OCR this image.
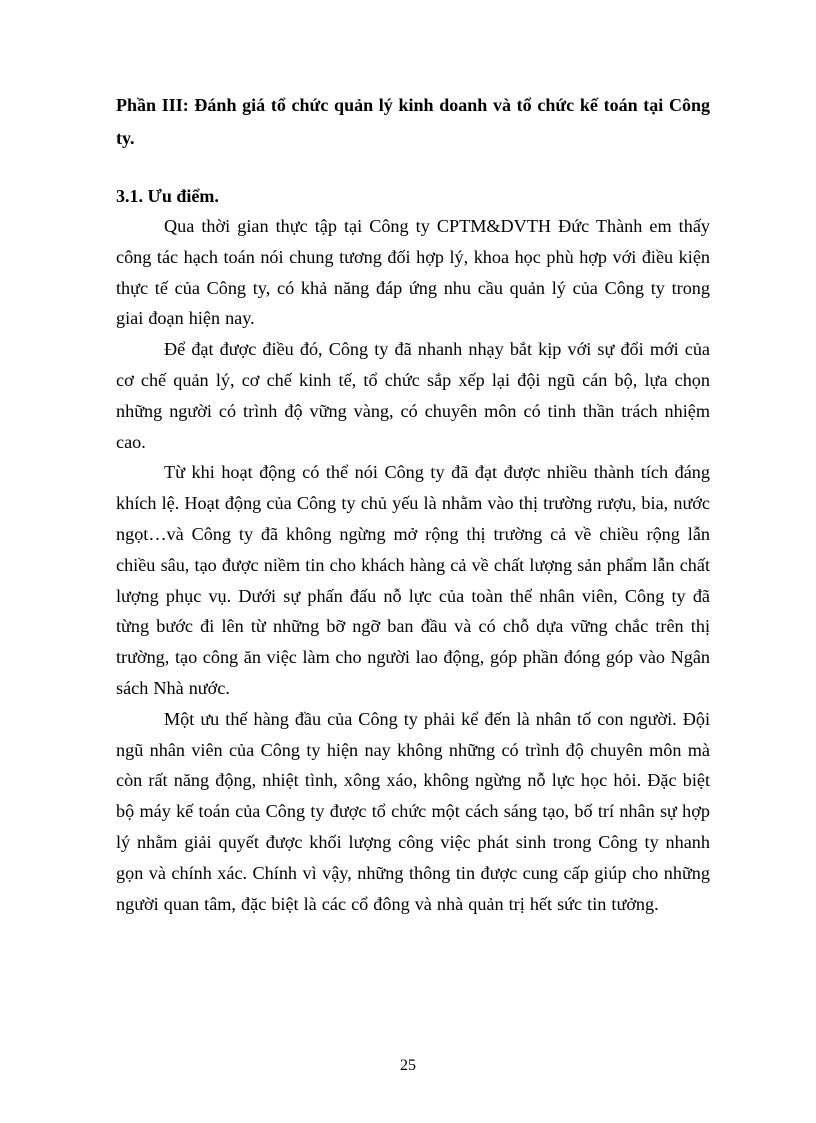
Phần III: Đánh giá tổ chức quản lý kinh doanh và tổ chức kế toán tại Công ty.

3.1. Ưu điểm.

Qua thời gian thực tập tại Công ty CPTM&DVTH Đức Thành em thấy công tác hạch toán nói chung tương đối hợp lý, khoa học phù hợp với điều kiện thực tế của Công ty, có khả năng đáp ứng nhu cầu quản lý của Công ty trong giai đoạn hiện nay.

Để đạt được điều đó, Công ty đã nhanh nhạy bắt kịp với sự đổi mới của cơ chế quản lý, cơ chế kinh tế, tổ chức sắp xếp lại đội ngũ cán bộ, lựa chọn những người có trình độ vững vàng, có chuyên môn có tinh thần trách nhiệm cao.

Từ khi hoạt động có thể nói Công ty đã đạt được nhiều thành tích đáng khích lệ. Hoạt động của Công ty chủ yếu là nhằm vào thị trường rượu, bia, nước ngọt…và Công ty đã không ngừng mở rộng thị trường cả về chiều rộng lẫn chiều sâu, tạo được niềm tin cho khách hàng cả về chất lượng sản phẩm lẫn chất lượng phục vụ. Dưới sự phấn đấu nỗ lực của toàn thể nhân viên, Công ty đã từng bước đi lên từ những bỡ ngỡ ban đầu và có chỗ dựa vững chắc trên thị trường, tạo công ăn việc làm cho người lao động, góp phần đóng góp vào Ngân sách Nhà nước.

Một ưu thế hàng đầu của Công ty phải kể đến là nhân tố con người. Đội ngũ nhân viên của Công ty hiện nay không những có trình độ chuyên môn mà còn rất năng động, nhiệt tình, xông xáo, không ngừng nỗ lực học hỏi. Đặc biệt bộ máy kế toán của Công ty được tổ chức một cách sáng tạo, bố trí nhân sự hợp lý nhằm giải quyết được khối lượng công việc phát sinh trong Công ty nhanh gọn và chính xác. Chính vì vậy, những thông tin được cung cấp giúp cho những người quan tâm, đặc biệt là các cổ đông và nhà quản trị hết sức tin tưởng.

25
